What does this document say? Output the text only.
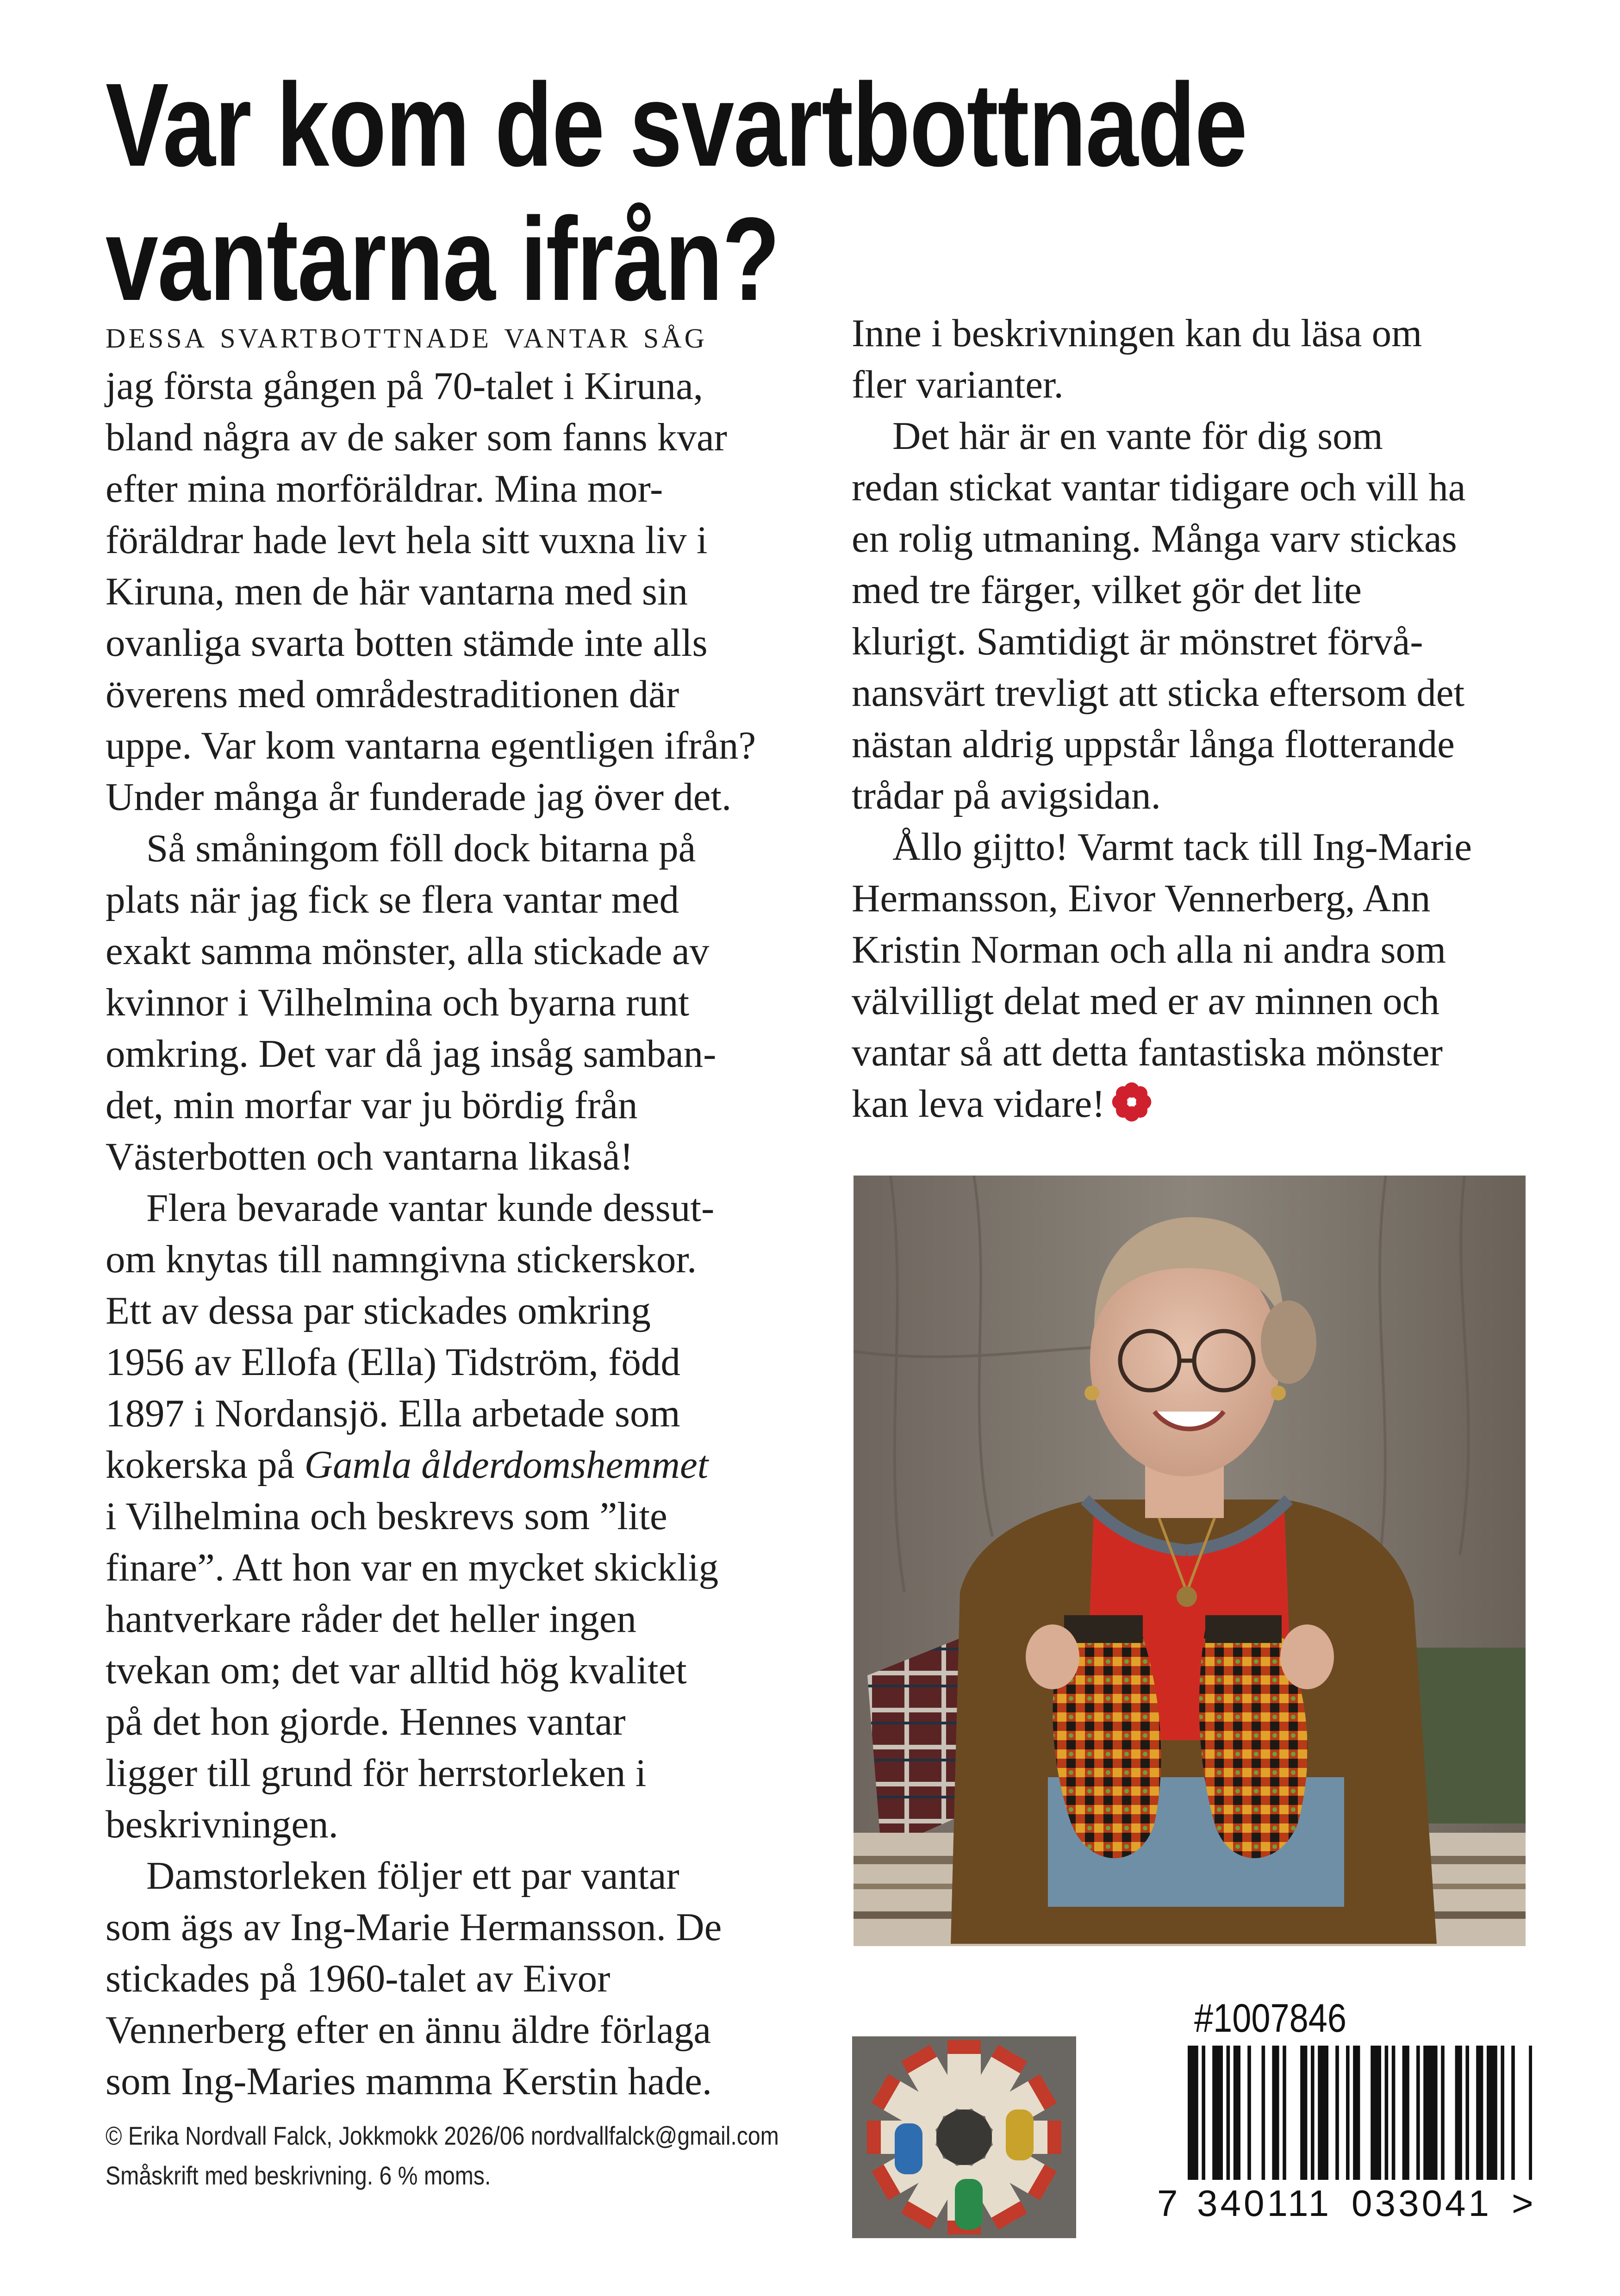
Var kom de svartbottnade
vantarna ifrån?

dessa svartbottnade vantar såg
jag första gången på 70-talet i Kiruna,
bland några av de saker som fanns kvar
efter mina morföräldrar. Mina mor-
föräldrar hade levt hela sitt vuxna liv i
Kiruna, men de här vantarna med sin
ovanliga svarta botten stämde inte alls
överens med områdestraditionen där
uppe. Var kom vantarna egentligen ifrån?
Under många år funderade jag över det.

Så småningom föll dock bitarna på
plats när jag fick se flera vantar med
exakt samma mönster, alla stickade av
kvinnor i Vilhelmina och byarna runt
omkring. Det var då jag insåg samban-
det, min morfar var ju bördig från
Västerbotten och vantarna likaså!

Flera bevarade vantar kunde dessut-
om knytas till namngivna stickerskor.
Ett av dessa par stickades omkring
1956 av Ellofa (Ella) Tidström, född
1897 i Nordansjö. Ella arbetade som
kokerska på Gamla ålderdomshemmet
i Vilhelmina och beskrevs som ”lite
finare”. Att hon var en mycket skicklig
hantverkare råder det heller ingen
tvekan om; det var alltid hög kvalitet
på det hon gjorde. Hennes vantar
ligger till grund för herrstorleken i
beskrivningen.

Damstorleken följer ett par vantar
som ägs av Ing-Marie Hermansson. De
stickades på 1960-talet av Eivor
Vennerberg efter en ännu äldre förlaga
som Ing-Maries mamma Kerstin hade.

Inne i beskrivningen kan du läsa om
fler varianter.

Det här är en vante för dig som
redan stickat vantar tidigare och vill ha
en rolig utmaning. Många varv stickas
med tre färger, vilket gör det lite
klurigt. Samtidigt är mönstret förvå-
nansvärt trevligt att sticka eftersom det
nästan aldrig uppstår långa flotterande
trådar på avigsidan.

Ållo gijtto! Varmt tack till Ing-Marie
Hermansson, Eivor Vennerberg, Ann
Kristin Norman och alla ni andra som
välvilligt delat med er av minnen och
vantar så att detta fantastiska mönster
kan leva vidare!

#1007846
7 340111 033041 >
© Erika Nordvall Falck, Jokkmokk 2026/06 nordvallfalck@gmail.com
Småskrift med beskrivning. 6 % moms.
